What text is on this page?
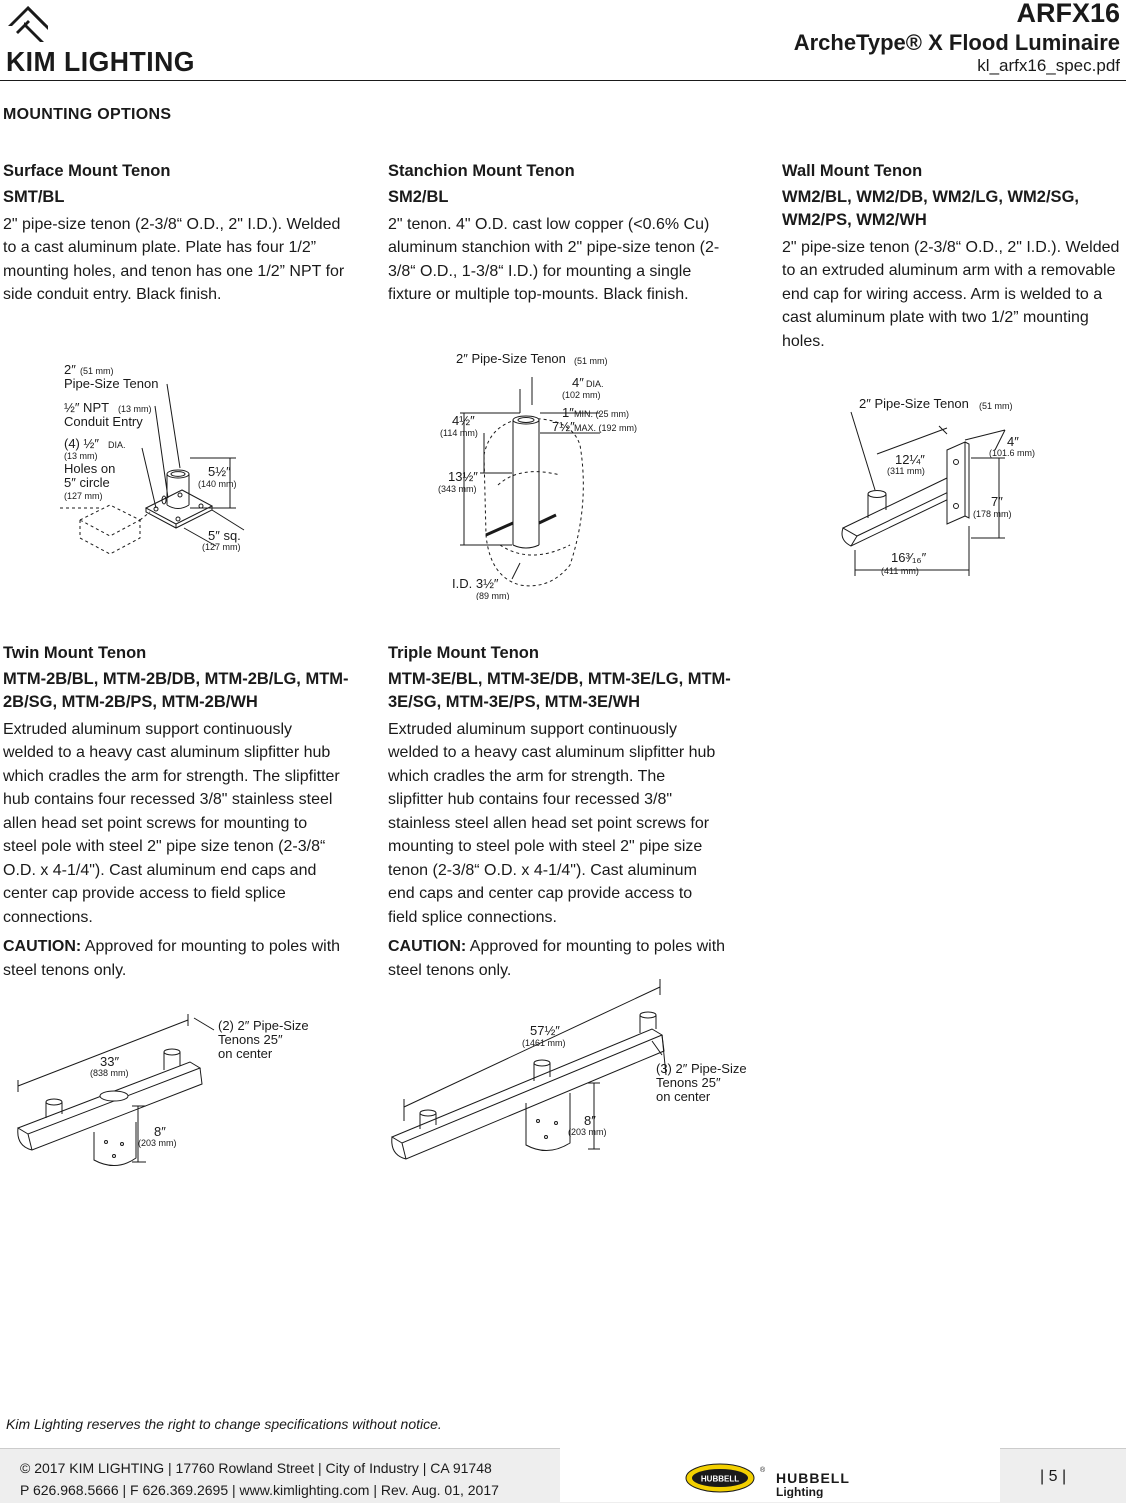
KIM LIGHTING
ARFX16
ArcheType® X Flood Luminaire
kl_arfx16_spec.pdf
MOUNTING OPTIONS
Surface Mount Tenon
SMT/BL

2" pipe-size tenon (2-3/8“ O.D., 2" I.D.). Welded to a cast aluminum plate. Plate has four 1/2” mounting holes, and tenon has one 1/2” NPT for side conduit entry. Black finish.

Stanchion Mount Tenon
SM2/BL

2" tenon. 4" O.D. cast low copper (<0.6% Cu) aluminum stanchion with 2" pipe-size tenon (2-3/8“ O.D., 1-3/8“ I.D.) for mounting a single fixture or multiple top-mounts. Black finish.

Wall Mount Tenon
WM2/BL, WM2/DB, WM2/LG, WM2/SG, WM2/PS, WM2/WH

2" pipe-size tenon (2-3/8“ O.D., 2" I.D.). Welded to an extruded aluminum arm with a removable end cap for wiring access. Arm is welded to a cast aluminum plate with two 1/2” mounting holes.

Twin Mount Tenon
MTM-2B/BL, MTM-2B/DB, MTM-2B/LG, MTM-2B/SG, MTM-2B/PS, MTM-2B/WH

Extruded aluminum support continuously welded to a heavy cast aluminum slipfitter hub which cradles the arm for strength. The slipfitter hub contains four recessed 3/8" stainless steel allen head set point screws for mounting to steel pole with steel 2" pipe size tenon (2-3/8“ O.D. x 4-1/4"). Cast aluminum end caps and center cap provide access to field splice connections.

CAUTION: Approved for mounting to poles with steel tenons only.

Triple Mount Tenon
MTM-3E/BL, MTM-3E/DB, MTM-3E/LG, MTM-3E/SG, MTM-3E/PS, MTM-3E/WH

Extruded aluminum support continuously welded to a heavy cast aluminum slipfitter hub which cradles the arm for strength. The slipfitter hub contains four recessed 3/8" stainless steel allen head set point screws for mounting to steel pole with steel 2" pipe size tenon (2-3/8“ O.D. x 4-1/4"). Cast aluminum end caps and center cap provide access to field splice connections.

CAUTION: Approved for mounting to poles with steel tenons only.

2″ (51 mm)
Pipe-Size Tenon
½″ NPT (13 mm)
Conduit Entry
(4) ½″ DIA.
(13 mm)
Holes on
5″ circle
(127 mm)
5½″
(140 mm)
5″ sq.
(127 mm)
2″ Pipe-Size Tenon (51 mm)
4″ DIA.
(102 mm)
1″ MIN. (25 mm)
7½″ MAX. (192 mm)
4½″
(114 mm)
13½″
(343 mm)
I.D. 3½″
(89 mm)
2″ Pipe-Size Tenon (51 mm)
12¼″
(311 mm)
4″
(101.6 mm)
7″
(178 mm)
16³⁄₁₆″
(411 mm)
33″
(838 mm)
8″
(203 mm)
(2) 2″ Pipe-Size
Tenons 25″
on center
57½″
(1461 mm)
8″
(203 mm)
(3) 2″ Pipe-Size
Tenons 25″
on center
Kim Lighting reserves the right to change specifications without notice.
© 2017 KIM LIGHTING | 17760 Rowland Street | City of Industry | CA 91748
P 626.968.5666 | F 626.369.2695 | www.kimlighting.com | Rev. Aug. 01, 2017
HUBBELL
® HUBBELL
Lighting
| 5 |
